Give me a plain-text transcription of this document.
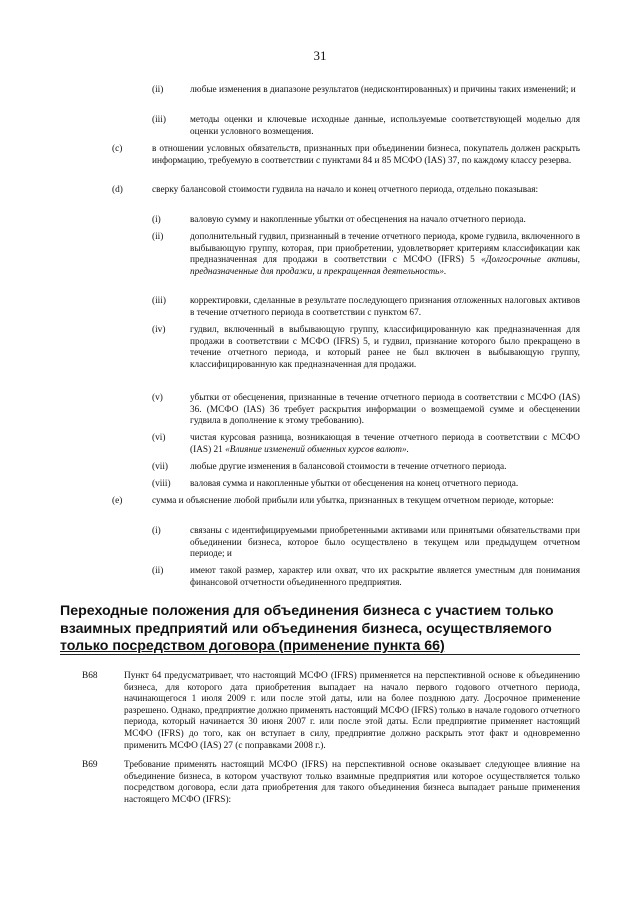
31
(ii)	любые изменения в диапазоне результатов (недисконтированных) и причины таких изменений; и
(iii)	методы оценки и ключевые исходные данные, используемые соответствующей моделью для оценки условного возмещения.
(c)	в отношении условных обязательств, признанных при объединении бизнеса, покупатель должен раскрыть информацию, требуемую в соответствии с пунктами 84 и 85 МСФО (IAS) 37, по каждому классу резерва.
(d)	сверку балансовой стоимости гудвила на начало и конец отчетного периода, отдельно показывая:
(i)	валовую сумму и накопленные убытки от обесценения на начало отчетного периода.
(ii)	дополнительный гудвил, признанный в течение отчетного периода, кроме гудвила, включенного в выбывающую группу, которая, при приобретении, удовлетворяет критериям классификации как предназначенная для продажи в соответствии с МСФО (IFRS) 5 «Долгосрочные активы, предназначенные для продажи, и прекращенная деятельность».
(iii)	корректировки, сделанные в результате последующего признания отложенных налоговых активов в течение отчетного периода в соответствии с пунктом 67.
(iv)	гудвил, включенный в выбывающую группу, классифицированную как предназначенная для продажи в соответствии с МСФО (IFRS) 5, и гудвил, признание которого было прекращено в течение отчетного периода, и который ранее не был включен в выбывающую группу, классифицированную как предназначенная для продажи.
(v)	убытки от обесценения, признанные в течение отчетного периода в соответствии с МСФО (IAS) 36. (МСФО (IAS) 36 требует раскрытия информации о возмещаемой сумме и обесценении гудвила в дополнение к этому требованию).
(vi)	чистая курсовая разница, возникающая в течение отчетного периода в соответствии с МСФО (IAS) 21 «Влияние изменений обменных курсов валют».
(vii) любые другие изменения в балансовой стоимости в течение отчетного периода.
(viii) валовая сумма и накопленные убытки от обесценения на конец отчетного периода.
(e)	сумма и объяснение любой прибыли или убытка, признанных в текущем отчетном периоде, которые:
(i)	связаны с идентифицируемыми приобретенными активами или принятыми обязательствами при объединении бизнеса, которое было осуществлено в текущем или предыдущем отчетном периоде; и
(ii)	имеют такой размер, характер или охват, что их раскрытие является уместным для понимания финансовой отчетности объединенного предприятия.
Переходные положения для объединения бизнеса с участием только
взаимных предприятий или объединения бизнеса, осуществляемого
только посредством договора (применение пункта 66)
B68	Пункт 64 предусматривает, что настоящий МСФО (IFRS) применяется на перспективной основе к объединению бизнеса, для которого дата приобретения выпадает на начало первого годового отчетного периода, начинающегося 1 июля 2009 г. или после этой даты, или на более позднюю дату. Досрочное применение разрешено. Однако, предприятие должно применять настоящий МСФО (IFRS) только в начале годового отчетного периода, который начинается 30 июня 2007 г. или после этой даты. Если предприятие применяет настоящий МСФО (IFRS) до того, как он вступает в силу, предприятие должно раскрыть этот факт и одновременно применить МСФО (IAS) 27 (с поправками 2008 г.).
B69	Требование применять настоящий МСФО (IFRS) на перспективной основе оказывает следующее влияние на объединение бизнеса, в котором участвуют только взаимные предприятия или которое осуществляется только посредством договора, если дата приобретения для такого объединения бизнеса выпадает раньше применения настоящего МСФО (IFRS):
